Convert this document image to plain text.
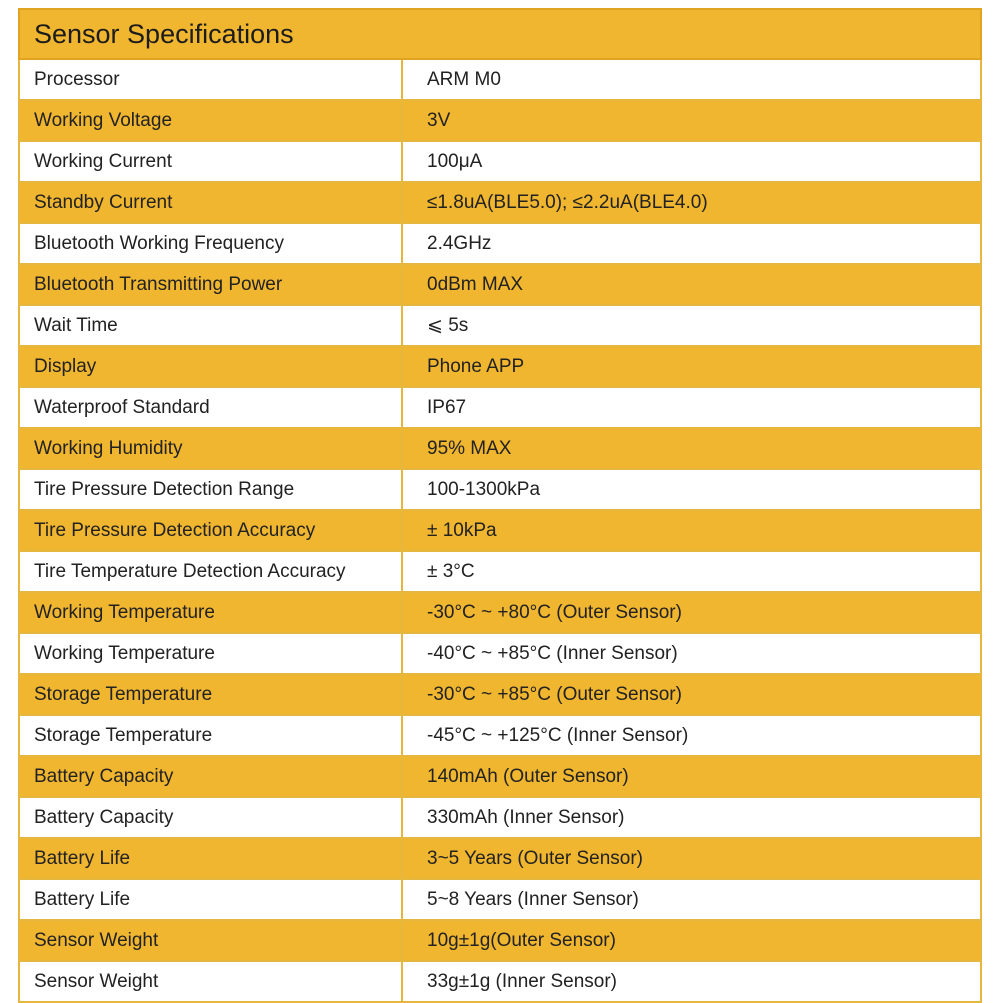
Sensor Specifications	
Processor	ARM M0
Working Voltage	3V
Working Current	100μA
Standby Current	≤1.8uA(BLE5.0); ≤2.2uA(BLE4.0)
Bluetooth Working Frequency	2.4GHz
Bluetooth Transmitting Power	0dBm MAX
Wait Time	⩽ 5s
Display	Phone APP
Waterproof Standard	IP67
Working Humidity	95% MAX
Tire Pressure Detection Range	100-1300kPa
Tire Pressure Detection Accuracy	± 10kPa
Tire Temperature Detection Accuracy	± 3°C
Working Temperature	-30°C ~ +80°C (Outer Sensor)
Working Temperature	-40°C ~ +85°C (Inner Sensor)
Storage Temperature	-30°C ~ +85°C (Outer Sensor)
Storage Temperature	-45°C ~ +125°C (Inner Sensor)
Battery Capacity	140mAh (Outer Sensor)
Battery Capacity	330mAh (Inner Sensor)
Battery Life	3~5 Years (Outer Sensor)
Battery Life	5~8 Years (Inner Sensor)
Sensor Weight	10g±1g(Outer Sensor)
Sensor Weight	33g±1g (Inner Sensor)
